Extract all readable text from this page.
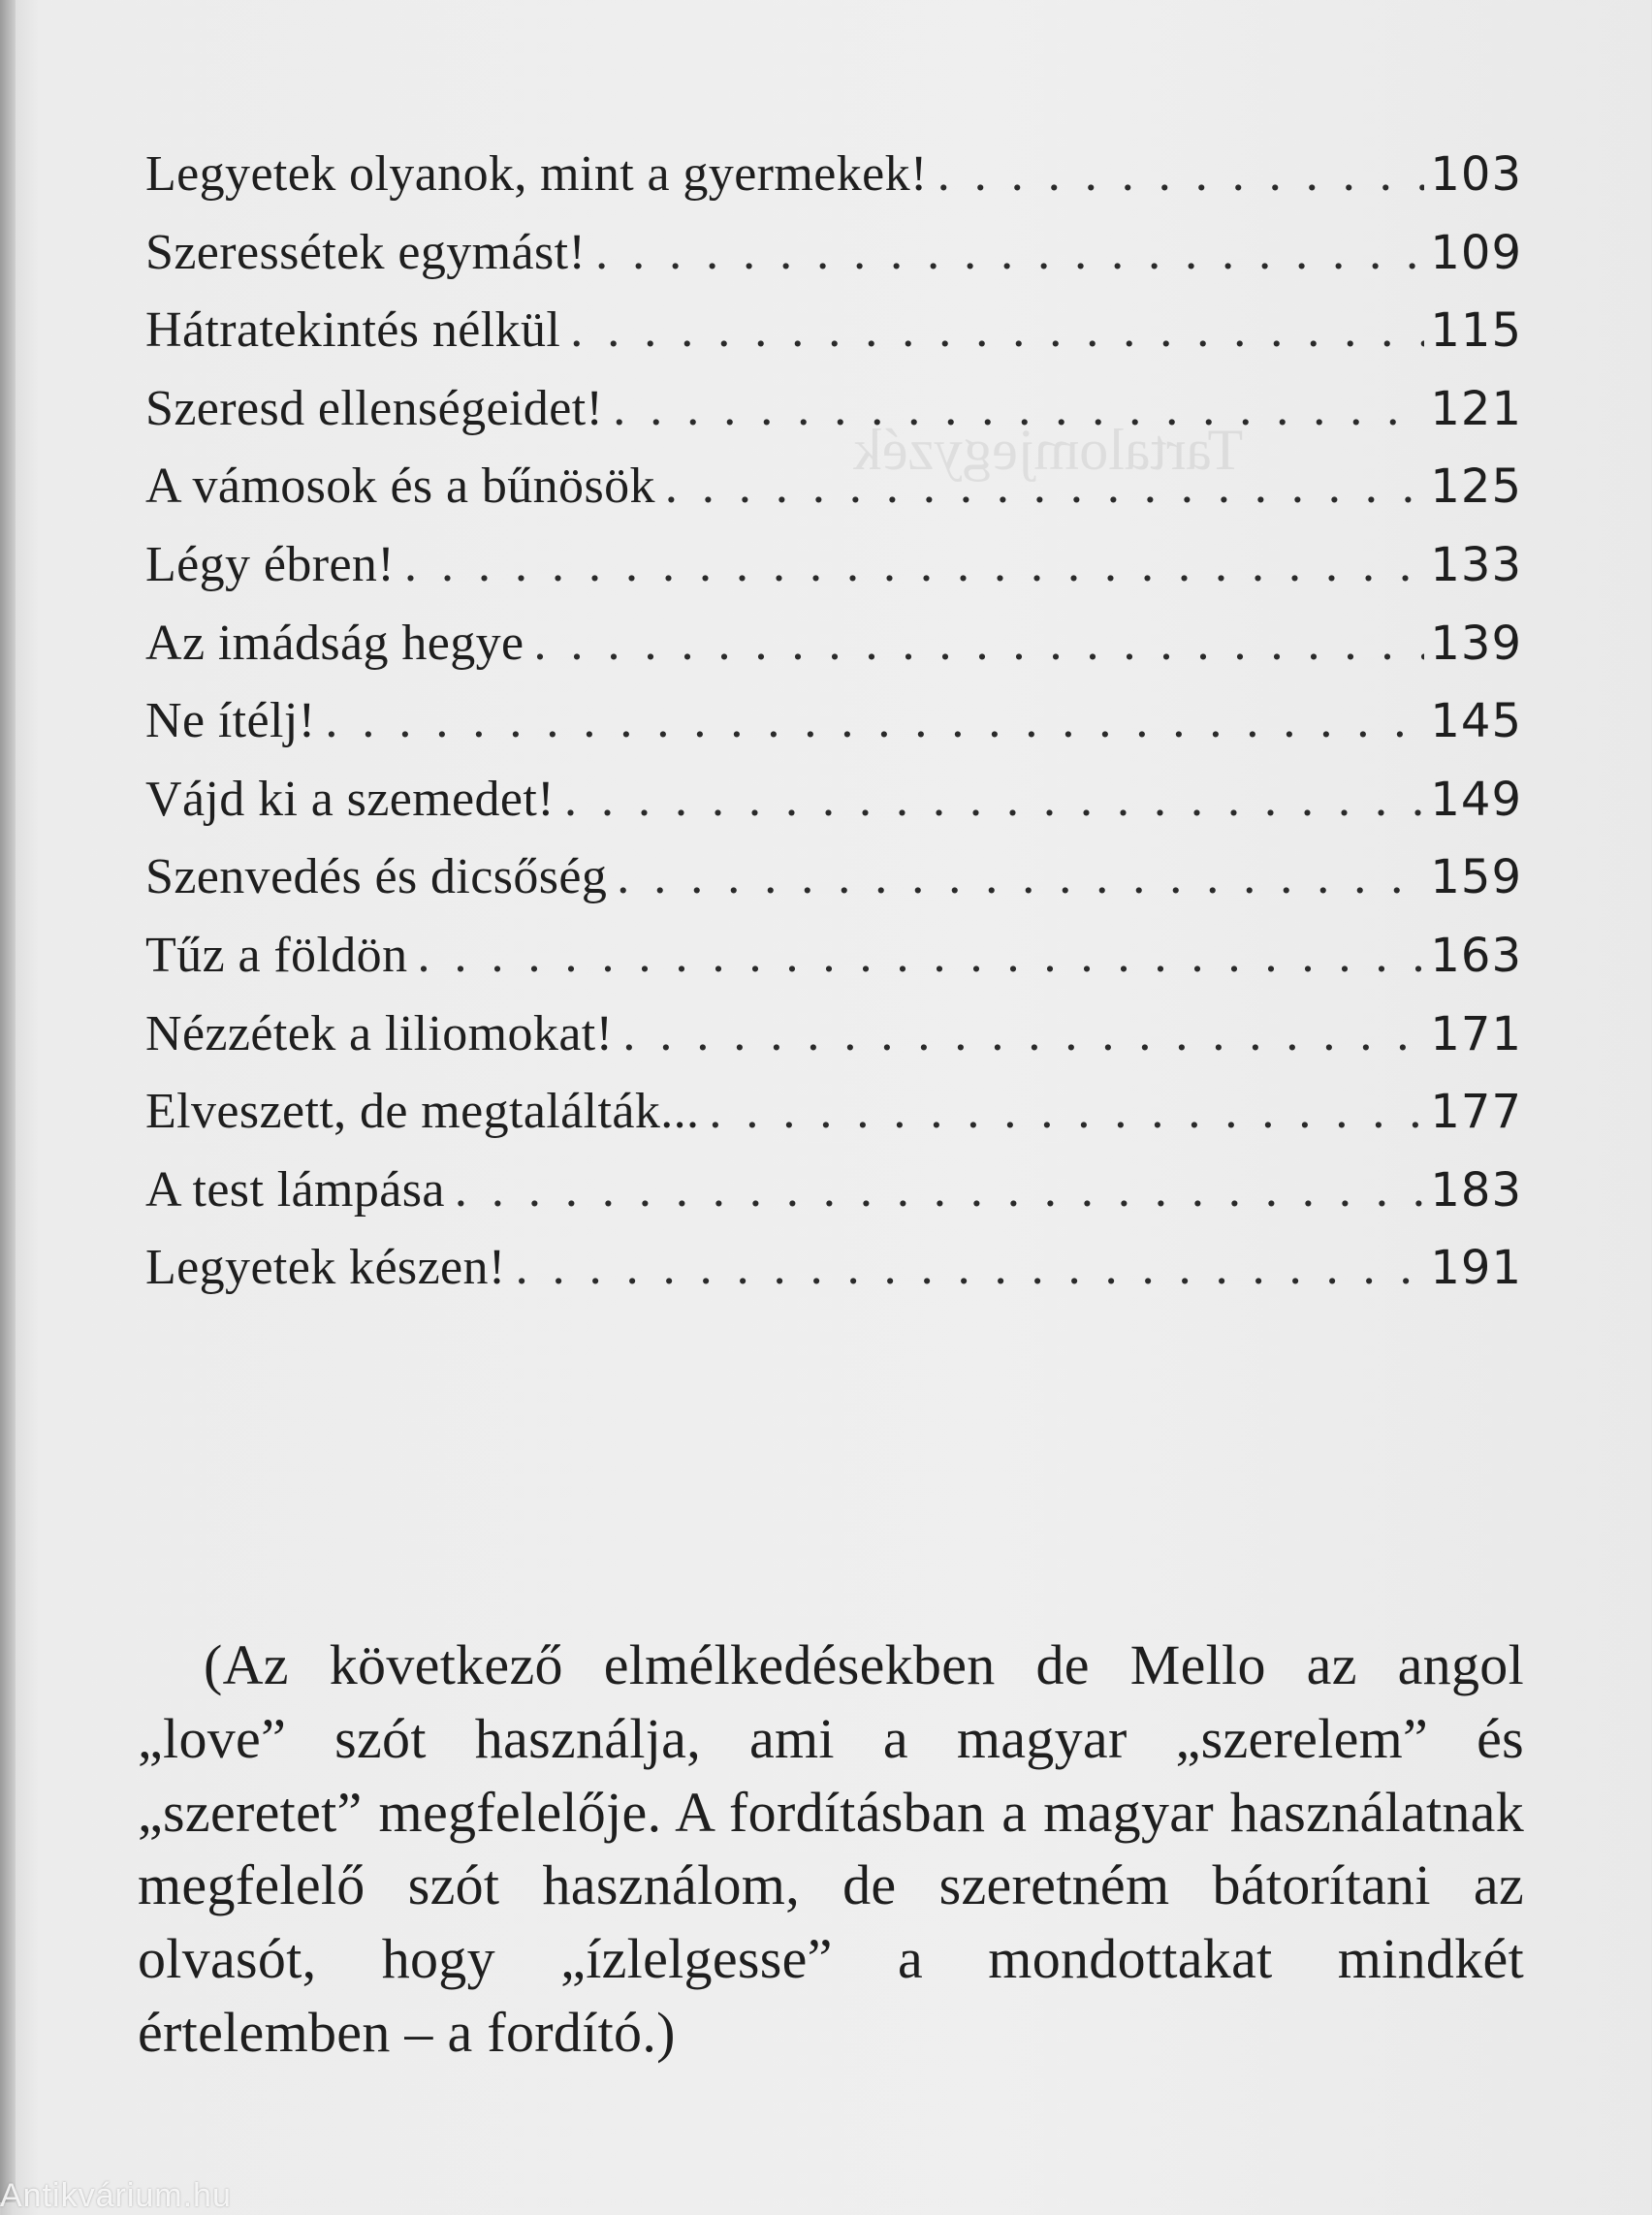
Tartalomjegyzék
Legyetek olyanok, mint a gyermekek! . . .	103
Szeressétek egymást! . . .	109
Hátratekintés nélkül . . .	115
Szeresd ellenségeidet! . . .	121
A vámosok és a bűnösök . . .	125
Légy ébren! . . .	133
Az imádság hegye . . .	139
Ne ítélj! . . .	145
Vájd ki a szemedet! . . .	149
Szenvedés és dicsőség . . .	159
Tűz a földön . . .	163
Nézzétek a liliomokat! . . .	171
Elveszett, de megtalálták... . . .	177
A test lámpása . . .	183
Legyetek készen! . . .	191

(Az következő elmélkedésekben de Mello az angol „love” szót használja, ami a magyar „szerelem” és „szeretet” megfelelője. A fordításban a magyar használatnak megfelelő szót használom, de szeretném bátorítani az olvasót, hogy „ízlelgesse” a mondottakat mindkét értelemben – a fordító.)

Antikvárium.hu
